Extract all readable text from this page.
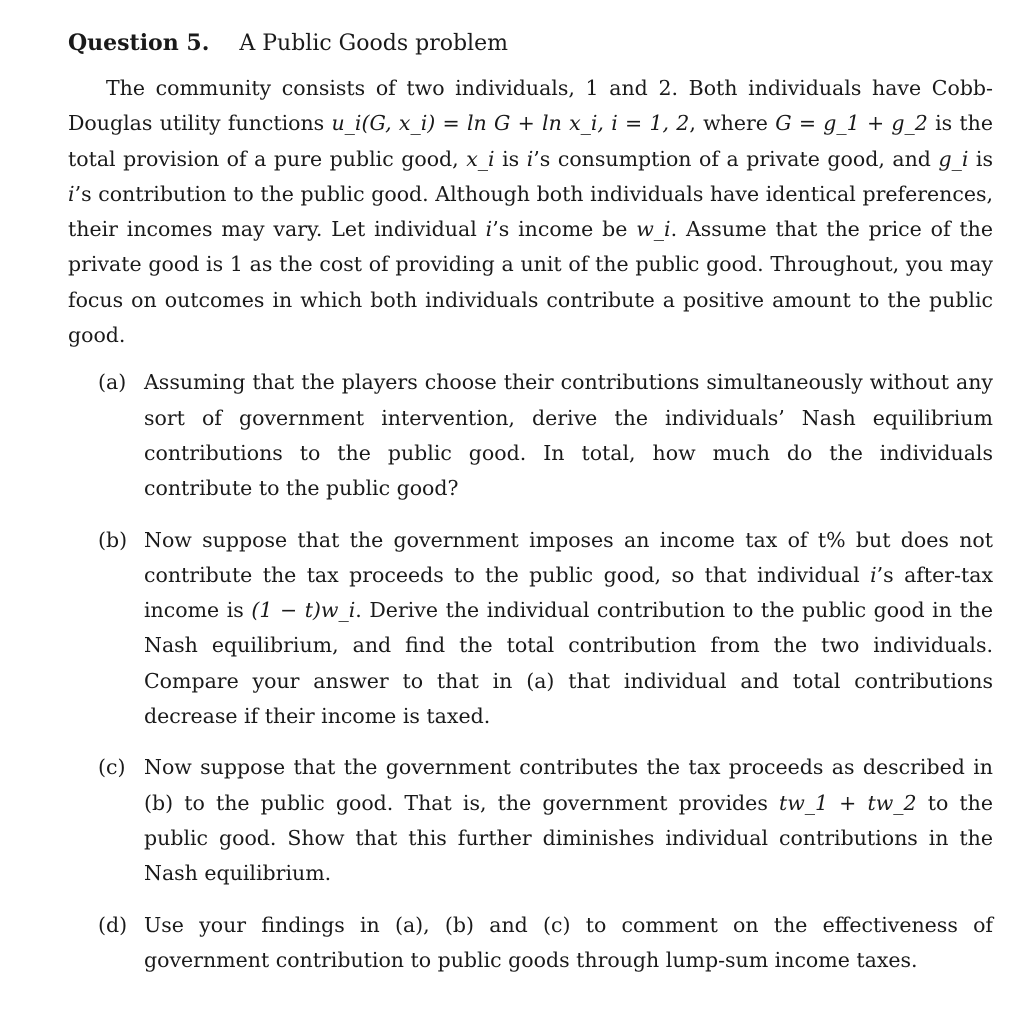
Question 5. A Public Goods problem

The community consists of two individuals, 1 and 2. Both individuals have Cobb-Douglas utility functions u_i(G, x_i) = ln G + ln x_i, i = 1, 2, where G = g_1 + g_2 is the total provision of a pure public good, x_i is i’s consumption of a private good, and g_i is i’s contribution to the public good. Although both individuals have identical preferences, their incomes may vary. Let individual i’s income be w_i. Assume that the price of the private good is 1 as the cost of providing a unit of the public good. Throughout, you may focus on outcomes in which both individuals contribute a positive amount to the public good.

(a) Assuming that the players choose their contributions simultaneously without any sort of government intervention, derive the individuals’ Nash equilibrium contributions to the public good. In total, how much do the individuals contribute to the public good?
(b) Now suppose that the government imposes an income tax of t% but does not contribute the tax proceeds to the public good, so that individual i’s after-tax income is (1 − t)w_i. Derive the individual contribution to the public good in the Nash equilibrium, and find the total contribution from the two individuals. Compare your answer to that in (a) that individual and total contributions decrease if their income is taxed.
(c) Now suppose that the government contributes the tax proceeds as described in (b) to the public good. That is, the government provides tw_1 + tw_2 to the public good. Show that this further diminishes individual contributions in the Nash equilibrium.
(d) Use your findings in (a), (b) and (c) to comment on the effectiveness of government contribution to public goods through lump-sum income taxes.
